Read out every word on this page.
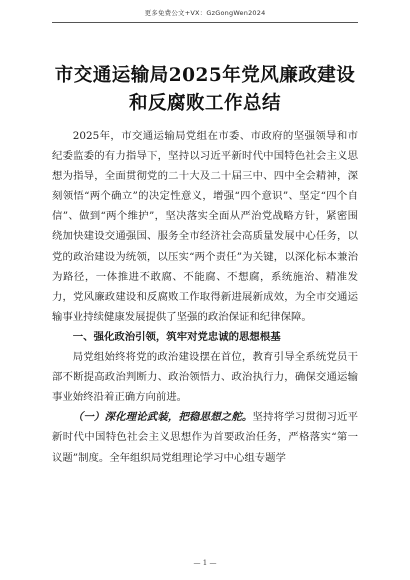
更多免费公文+VX：GzGongWen2024
市交通运输局2025年党风廉政建设和反腐败工作总结

2025年，市交通运输局党组在市委、市政府的坚强领导和市纪委监委的有力指导下，坚持以习近平新时代中国特色社会主义思想为指导，全面贯彻党的二十大及二十届三中、四中全会精神，深刻领悟“两个确立”的决定性意义，增强“四个意识”、坚定“四个自信”、做到“两个维护”，坚决落实全面从严治党战略方针，紧密围绕加快建设交通强国、服务全市经济社会高质量发展中心任务，以党的政治建设为统领，以压实“两个责任”为关键，以深化标本兼治为路径，一体推进不敢腐、不能腐、不想腐，系统施治、精准发力，党风廉政建设和反腐败工作取得新进展新成效，为全市交通运输事业持续健康发展提供了坚强的政治保证和纪律保障。

一、强化政治引领，筑牢对党忠诚的思想根基

局党组始终将党的政治建设摆在首位，教育引导全系统党员干部不断提高政治判断力、政治领悟力、政治执行力，确保交通运输事业始终沿着正确方向前进。

（一）深化理论武装，把稳思想之舵。坚持将学习贯彻习近平新时代中国特色社会主义思想作为首要政治任务，严格落实“第一议题”制度。全年组织局党组理论学习中心组专题学

— 1 —
